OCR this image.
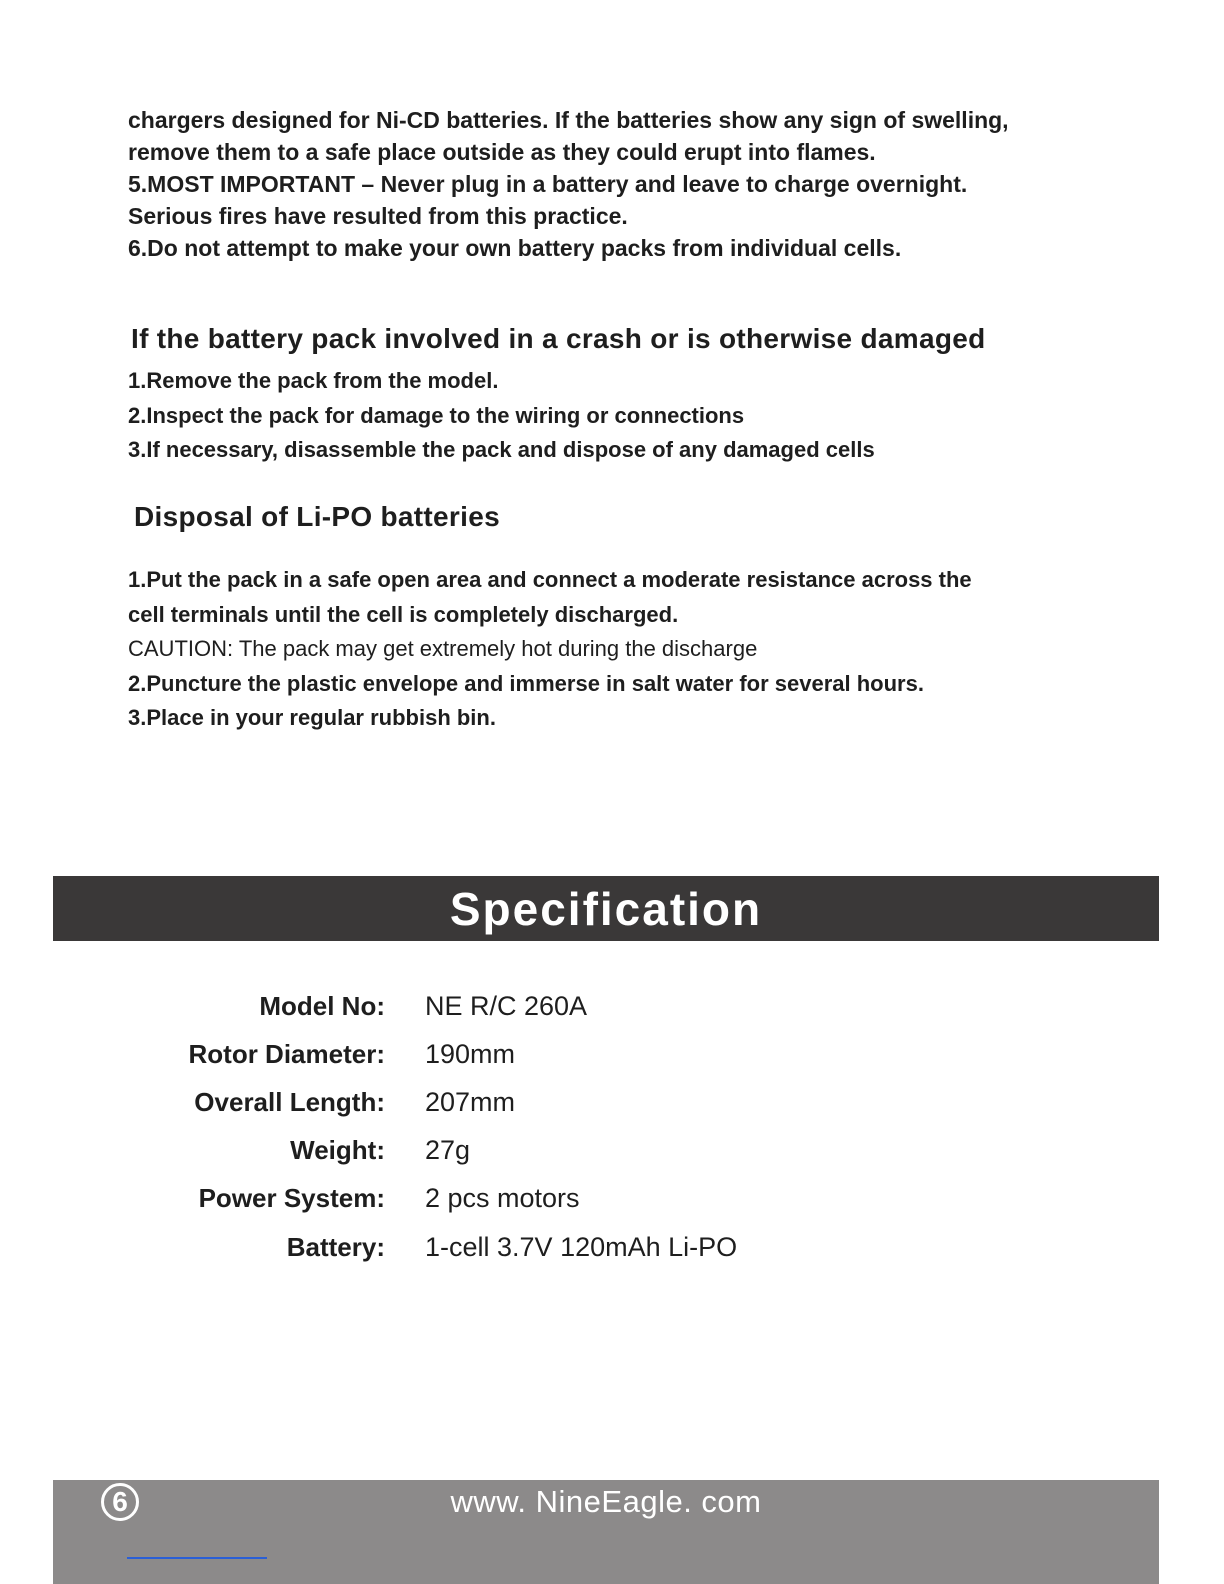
chargers designed for Ni-CD batteries. If the batteries show any sign of swelling,

remove them to a safe place outside as they could erupt into flames.

5.MOST IMPORTANT – Never plug in a battery and leave to charge overnight.

Serious fires have resulted from this practice.

6.Do not attempt to make your own battery packs from individual cells.

If the battery pack involved in a crash or is otherwise damaged

1.Remove the pack from the model.

2.Inspect the pack for damage to the wiring or connections

3.If necessary, disassemble the pack and dispose of any damaged cells

Disposal of Li-PO batteries

1.Put the pack in a safe open area and connect a moderate resistance across the

cell terminals until the cell is completely discharged.

CAUTION: The pack may get extremely hot during the discharge

2.Puncture the plastic envelope and immerse in salt water for several hours.

3.Place in your regular rubbish bin.

Specification
Model No: NE R/C 260A
Rotor Diameter: 190mm
Overall Length: 207mm
Weight: 27g
Power System: 2 pcs motors
Battery: 1-cell 3.7V 120mAh Li-PO
6	www. NineEagle. com
